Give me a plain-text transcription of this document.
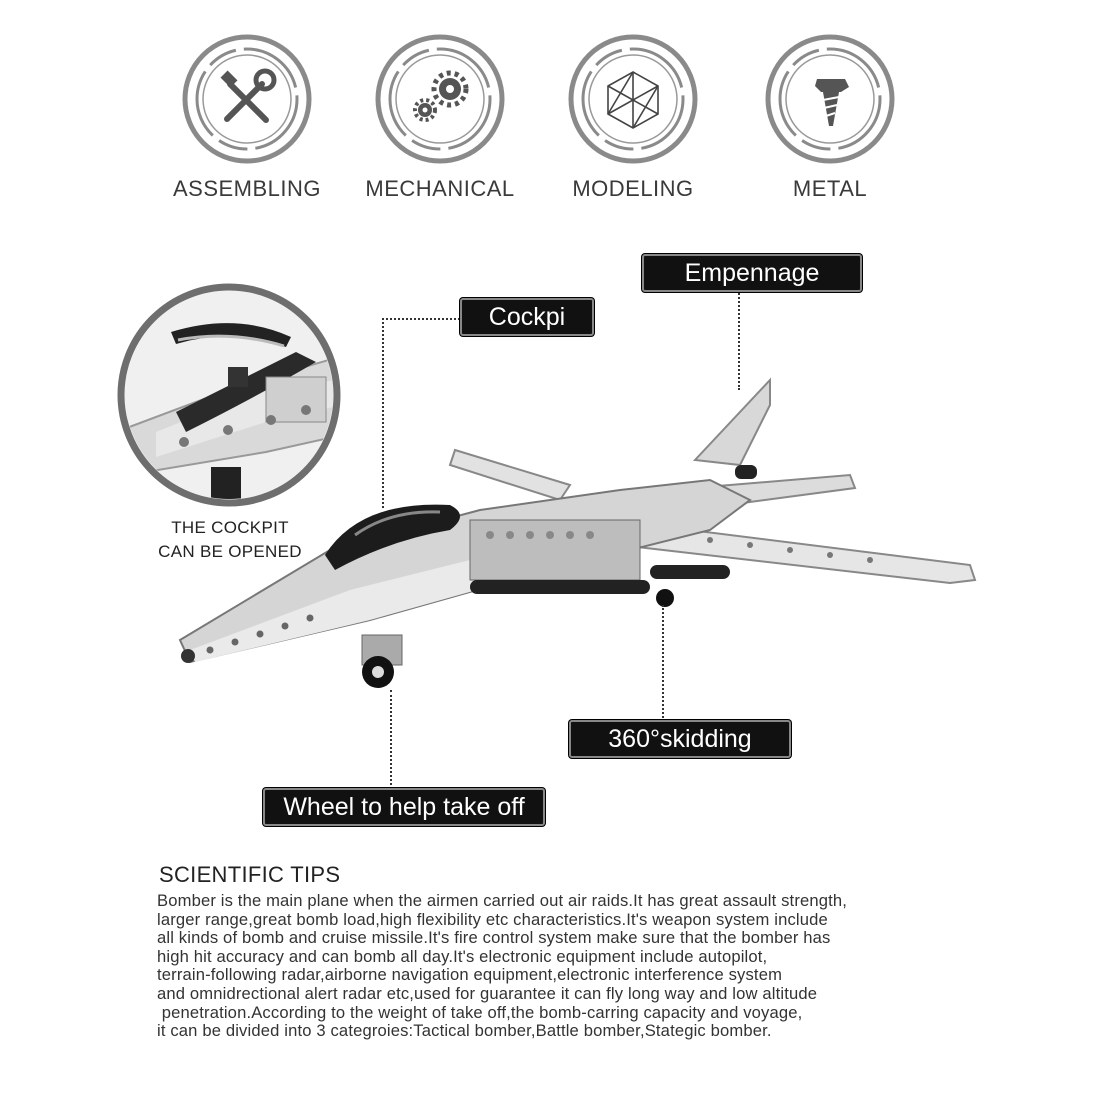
ASSEMBLING	MECHANICAL	MODELING	METAL
THE COCKPIT
CAN BE OPENED
Empennage
Cockpi
360°skidding
Wheel to help take off
SCIENTIFIC TIPS
Bomber is the main plane when the airmen carried out air raids.It has great assault strength,
larger range,great bomb load,high flexibility etc characteristics.It's weapon system include
all kinds of bomb and cruise missile.It's fire control system make sure that the bomber has
high hit accuracy and can bomb all day.It's electronic equipment include autopilot,
terrain-following radar,airborne navigation equipment,electronic interference system
and omnidrectional alert radar etc,used for guarantee it can fly long way and low altitude
penetration.According to the weight of take off,the bomb-carring capacity and voyage,
it can be divided into 3 categroies:Tactical bomber,Battle bomber,Stategic bomber.
